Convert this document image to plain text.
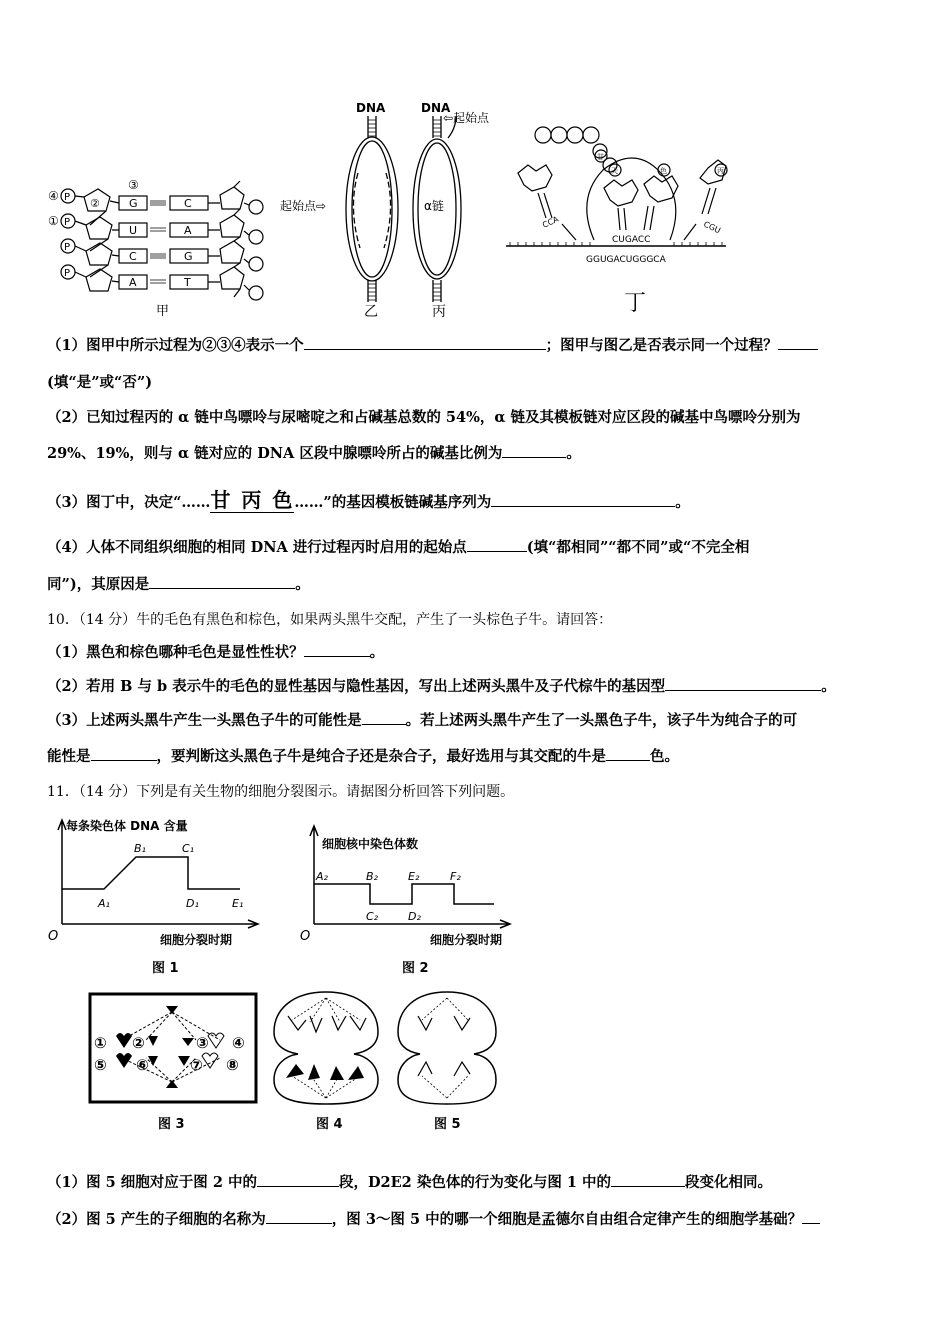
④
①
P
P
P
P
②
③
G
U
C
A
C
A
G
T
甲
DNA	DNA
起始点⇨
⇦起始点
α链
乙	丙
甘
天	色	丙
CCA	CGU
CUGACC
GGUGACUGGGCA
丁
（1）图甲中所示过程为②③④表示一个	；图甲与图乙是否表示同一个过程？
(填“是”或“否”)
（2）已知过程丙的 α 链中鸟嘌呤与尿嘧啶之和占碱基总数的 54%，α 链及其模板链对应区段的碱基中鸟嘌呤分别为
29%、19%，则与 α 链对应的 DNA 区段中腺嘌呤所占的碱基比例为	。
（3）图丁中，决定“……甘 丙 色……”的基因模板链碱基序列为	。
（4）人体不同组织细胞的相同 DNA 进行过程丙时启用的起始点	(填“都相同”“都不同”或“不完全相
同”)，其原因是	。
10．（14 分）牛的毛色有黑色和棕色，如果两头黑牛交配，产生了一头棕色子牛。请回答：
（1）黑色和棕色哪种毛色是显性性状？	。
（2）若用 B 与 b 表示牛的毛色的显性基因与隐性基因，写出上述两头黑牛及子代棕牛的基因型	。
（3）上述两头黑牛产生一头黑色子牛的可能性是	。若上述两头黑牛产生了一头黑色子牛，该子牛为纯合子的可
能性是	，要判断这头黑色子牛是纯合子还是杂合子，最好选用与其交配的牛是	色。
11．（14 分）下列是有关生物的细胞分裂图示。请据图分析回答下列问题。
每条染色体 DNA 含量
O	细胞分裂时期
A₁
B₁	C₁
D₁	E₁
图 1
细胞核中染色体数
O	细胞分裂时期
A₂	B₂
C₂	D₂
E₂	F₂
图 2
① ②	③ ④
⑤ ⑥	⑦ ⑧
图 3	图 4	图 5
（1）图 5 细胞对应于图 2 中的	段，D2E2 染色体的行为变化与图 1 中的	段变化相同。
（2）图 5 产生的子细胞的名称为	，图 3～图 5 中的哪一个细胞是孟德尔自由组合定律产生的细胞学基础？
